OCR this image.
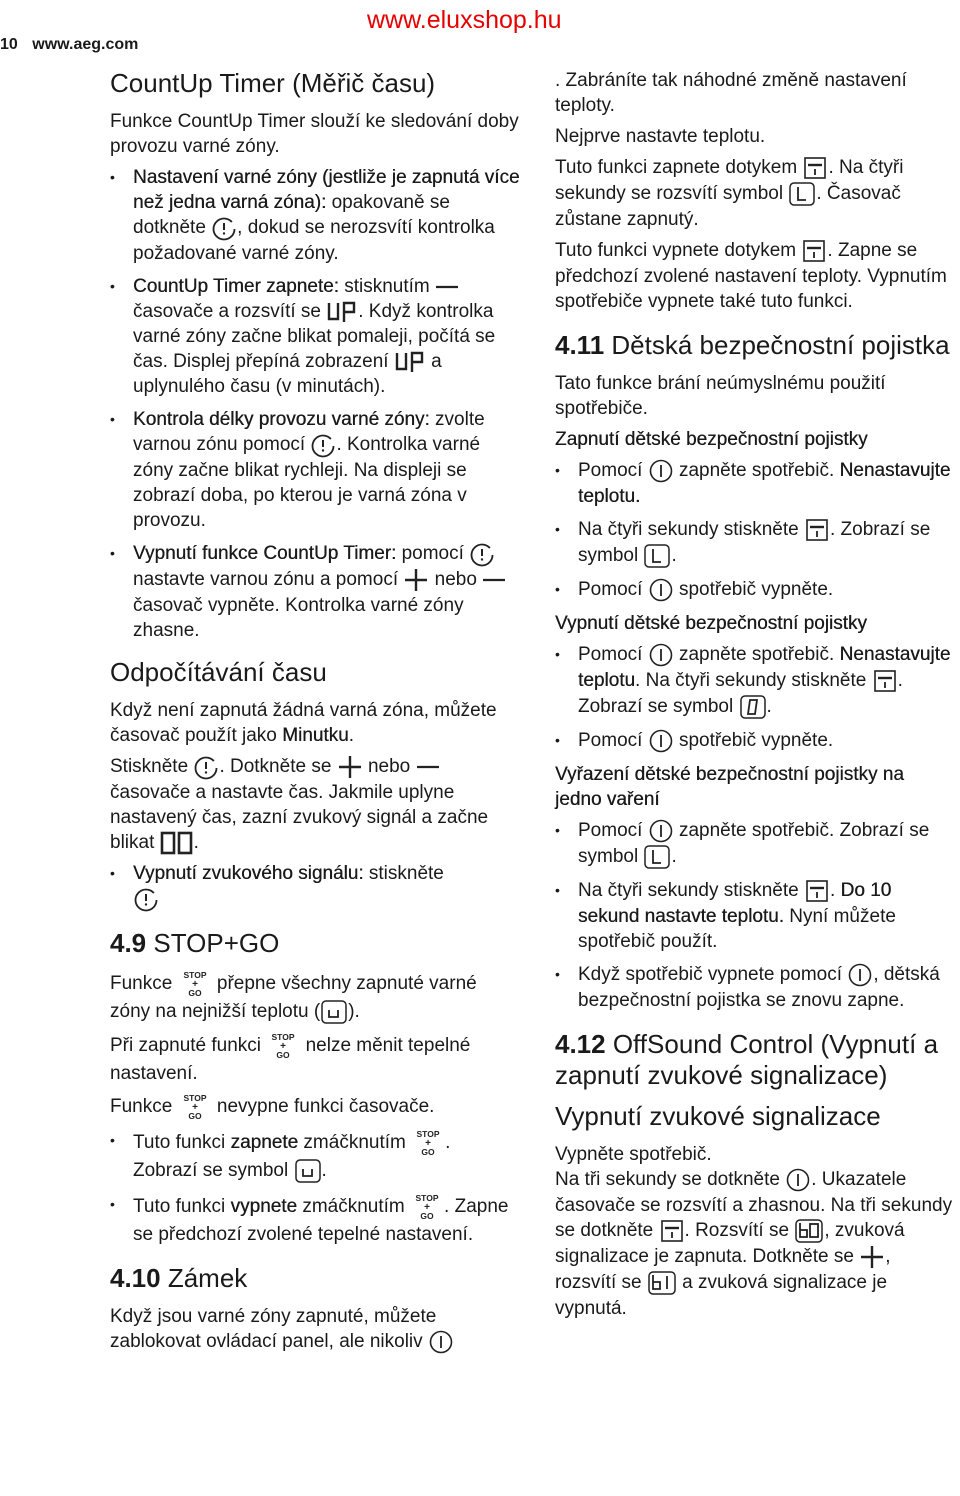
10 www.aeg.com
www.eluxshop.hu
CountUp Timer (Měřič času)

Funkce CountUp Timer slouží ke sledování doby provozu varné zóny.

• Nastavení varné zóny (jestliže je zapnutá více než jedna varná zóna): opakovaně se dotkněte
, dokud se nerozsvítí kontrolka požadované varné zóny.
• CountUp Timer zapnete: stisknutím
časovače a rozsvítí se
. Když kontrolka varné zóny začne blikat pomaleji, počítá se čas. Displej přepíná zobrazení
a uplynulého času (v minutách).
• Kontrola délky provozu varné zóny: zvolte varnou zónu pomocí
. Kontrolka varné zóny začne blikat rychleji. Na displeji se zobrazí doba, po kterou je varná zóna v provozu.
• Vypnutí funkce CountUp Timer: pomocí
nastavte varnou zónu a pomocí
nebo
časovač vypněte. Kontrolka varné zóny zhasne.
Odpočítávání času

Když není zapnutá žádná varná zóna, můžete časovač použít jako Minutku.

Stiskněte
. Dotkněte se
nebo
časovače a nastavte čas. Jakmile uplyne nastavený čas, zazní zvukový signál a začne blikat
.

• Vypnutí zvukového signálu: stiskněte

4.9 STOP+GO

Funkce STOP
+
GO přepne všechny zapnuté varné zóny na nejnižší teplotu ( ).

Při zapnuté funkci STOP
+
GO nelze měnit tepelné nastavení.

Funkce STOP
+
GO nevypne funkci časovače.

• Tuto funkci zapnete zmáčknutím STOP
+
GO . Zobrazí se symbol
.
• Tuto funkci vypnete zmáčknutím STOP
+
GO . Zapne se předchozí zvolené tepelné nastavení.
4.10 Zámek

Když jsou varné zóny zapnuté, můžete zablokovat ovládací panel, ale nikoliv

. Zabráníte tak náhodné změně nastavení teploty.

Nejprve nastavte teplotu.

Tuto funkci zapnete dotykem
. Na čtyři sekundy se rozsvítí symbol
. Časovač zůstane zapnutý.

Tuto funkci vypnete dotykem
. Zapne se předchozí zvolené nastavení teploty. Vypnutím spotřebiče vypnete také tuto funkci.

4.11 Dětská bezpečnostní pojistka

Tato funkce brání neúmyslnému použití spotřebiče.

Zapnutí dětské bezpečnostní pojistky
• Pomocí
zapněte spotřebič. Nenastavujte teplotu.
• Na čtyři sekundy stiskněte
. Zobrazí se symbol
.
• Pomocí
spotřebič vypněte.
Vypnutí dětské bezpečnostní pojistky
• Pomocí
zapněte spotřebič. Nenastavujte teplotu. Na čtyři sekundy stiskněte
. Zobrazí se symbol
.
• Pomocí
spotřebič vypněte.
Vyřazení dětské bezpečnostní pojistky na jedno vaření
• Pomocí
zapněte spotřebič. Zobrazí se symbol
.
• Na čtyři sekundy stiskněte
. Do 10 sekund nastavte teplotu. Nyní můžete spotřebič použít.
• Když spotřebič vypnete pomocí
, dětská bezpečnostní pojistka se znovu zapne.
4.12 OffSound Control (Vypnutí a zapnutí zvukové signalizace)
Vypnutí zvukové signalizace

Vypněte spotřebič.

Na tři sekundy se dotkněte
. Ukazatele časovače se rozsvítí a zhasnou. Na tři sekundy se dotkněte
. Rozsvítí se
, zvuková signalizace je zapnuta. Dotkněte se
, rozsvítí se
a zvuková signalizace je vypnutá.
